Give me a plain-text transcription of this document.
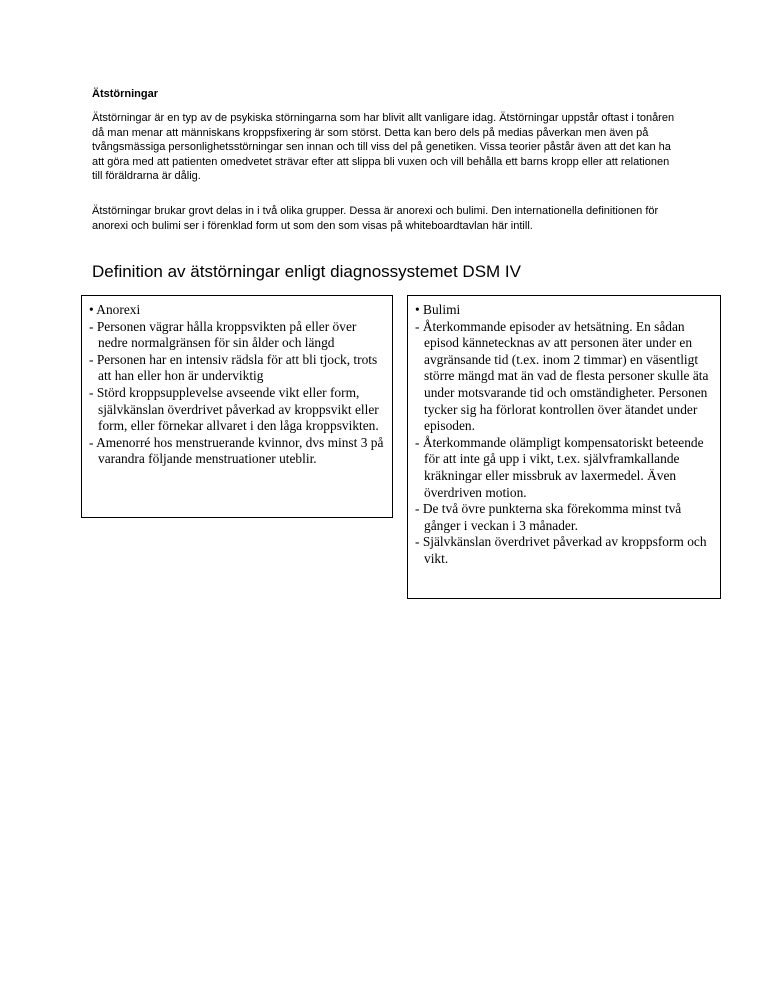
Ätstörningar

Ätstörningar är en typ av de psykiska störningarna som har blivit allt vanligare idag. Ätstörningar uppstår oftast i tonåren då man menar att människans kroppsfixering är som störst. Detta kan bero dels på medias påverkan men även på tvångsmässiga personlighetsstörningar sen innan och till viss del på genetiken. Vissa teorier påstår även att det kan ha att göra med att patienten omedvetet strävar efter att slippa bli vuxen och vill behålla ett barns kropp eller att relationen till föräldrarna är dålig.

Ätstörningar brukar grovt delas in i två olika grupper. Dessa är anorexi och bulimi. Den internationella definitionen för anorexi och bulimi ser i förenklad form ut som den som visas på whiteboardtavlan här intill.

Definition av ätstörningar enligt diagnossystemet DSM IV
• Anorexi
- Personen vägrar hålla kroppsvikten på eller över nedre normalgränsen för sin ålder och längd
- Personen har en intensiv rädsla för att bli tjock, trots att han eller hon är underviktig
- Störd kroppsupplevelse avseende vikt eller form, självkänslan överdrivet påverkad av kroppsvikt eller form, eller förnekar allvaret i den låga kroppsvikten.
- Amenorré hos menstruerande kvinnor, dvs minst 3 på varandra följande menstruationer uteblir.
• Bulimi
- Återkommande episoder av hetsätning. En sådan episod kännetecknas av att personen äter under en avgränsande tid (t.ex. inom 2 timmar) en väsentligt större mängd mat än vad de flesta personer skulle äta under motsvarande tid och omständigheter. Personen tycker sig ha förlorat kontrollen över ätandet under episoden.
- Återkommande olämpligt kompensatoriskt beteende för att inte gå upp i vikt, t.ex. självframkallande kräkningar eller missbruk av laxermedel. Även överdriven motion.
- De två övre punkterna ska förekomma minst två gånger i veckan i 3 månader.
- Självkänslan överdrivet påverkad av kroppsform och vikt.
